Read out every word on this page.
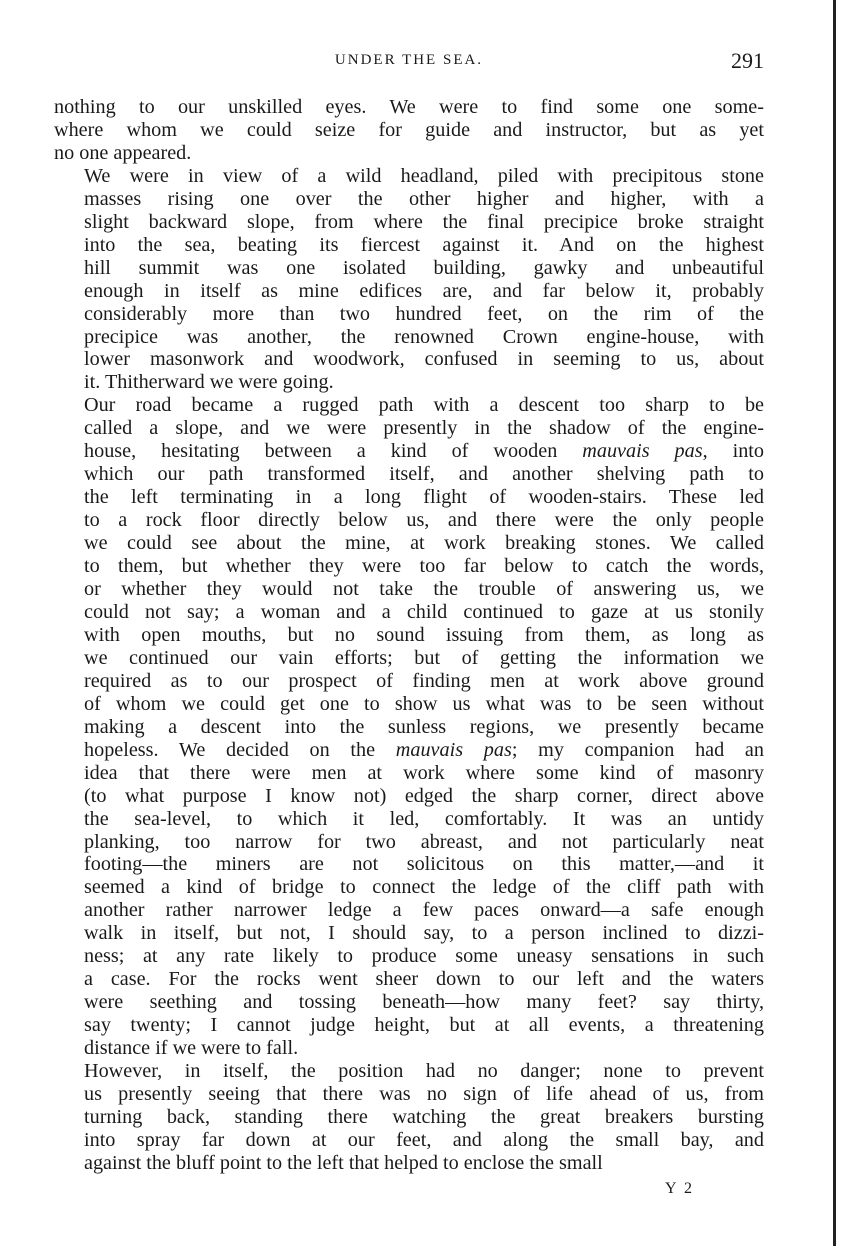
UNDER THE SEA.	291

nothing to our unskilled eyes. We were to find some one some-
where whom we could seize for guide and instructor, but as yet
no one appeared.

We were in view of a wild headland, piled with precipitous stone
masses rising one over the other higher and higher, with a
slight backward slope, from where the final precipice broke straight
into the sea, beating its fiercest against it. And on the highest
hill summit was one isolated building, gawky and unbeautiful
enough in itself as mine edifices are, and far below it, probably
considerably more than two hundred feet, on the rim of the
precipice was another, the renowned Crown engine-house, with
lower masonwork and woodwork, confused in seeming to us, about
it. Thitherward we were going.

Our road became a rugged path with a descent too sharp to be
called a slope, and we were presently in the shadow of the engine-
house, hesitating between a kind of wooden mauvais pas, into
which our path transformed itself, and another shelving path to
the left terminating in a long flight of wooden-stairs. These led
to a rock floor directly below us, and there were the only people
we could see about the mine, at work breaking stones. We called
to them, but whether they were too far below to catch the words,
or whether they would not take the trouble of answering us, we
could not say; a woman and a child continued to gaze at us stonily
with open mouths, but no sound issuing from them, as long as
we continued our vain efforts; but of getting the information we
required as to our prospect of finding men at work above ground
of whom we could get one to show us what was to be seen without
making a descent into the sunless regions, we presently became
hopeless. We decided on the mauvais pas; my companion had an
idea that there were men at work where some kind of masonry
(to what purpose I know not) edged the sharp corner, direct above
the sea-level, to which it led, comfortably. It was an untidy
planking, too narrow for two abreast, and not particularly neat
footing—the miners are not solicitous on this matter,—and it
seemed a kind of bridge to connect the ledge of the cliff path with
another rather narrower ledge a few paces onward—a safe enough
walk in itself, but not, I should say, to a person inclined to dizzi-
ness; at any rate likely to produce some uneasy sensations in such
a case. For the rocks went sheer down to our left and the waters
were seething and tossing beneath—how many feet? say thirty,
say twenty; I cannot judge height, but at all events, a threatening
distance if we were to fall.

However, in itself, the position had no danger; none to prevent
us presently seeing that there was no sign of life ahead of us, from
turning back, standing there watching the great breakers bursting
into spray far down at our feet, and along the small bay, and
against the bluff point to the left that helped to enclose the small

Y 2
